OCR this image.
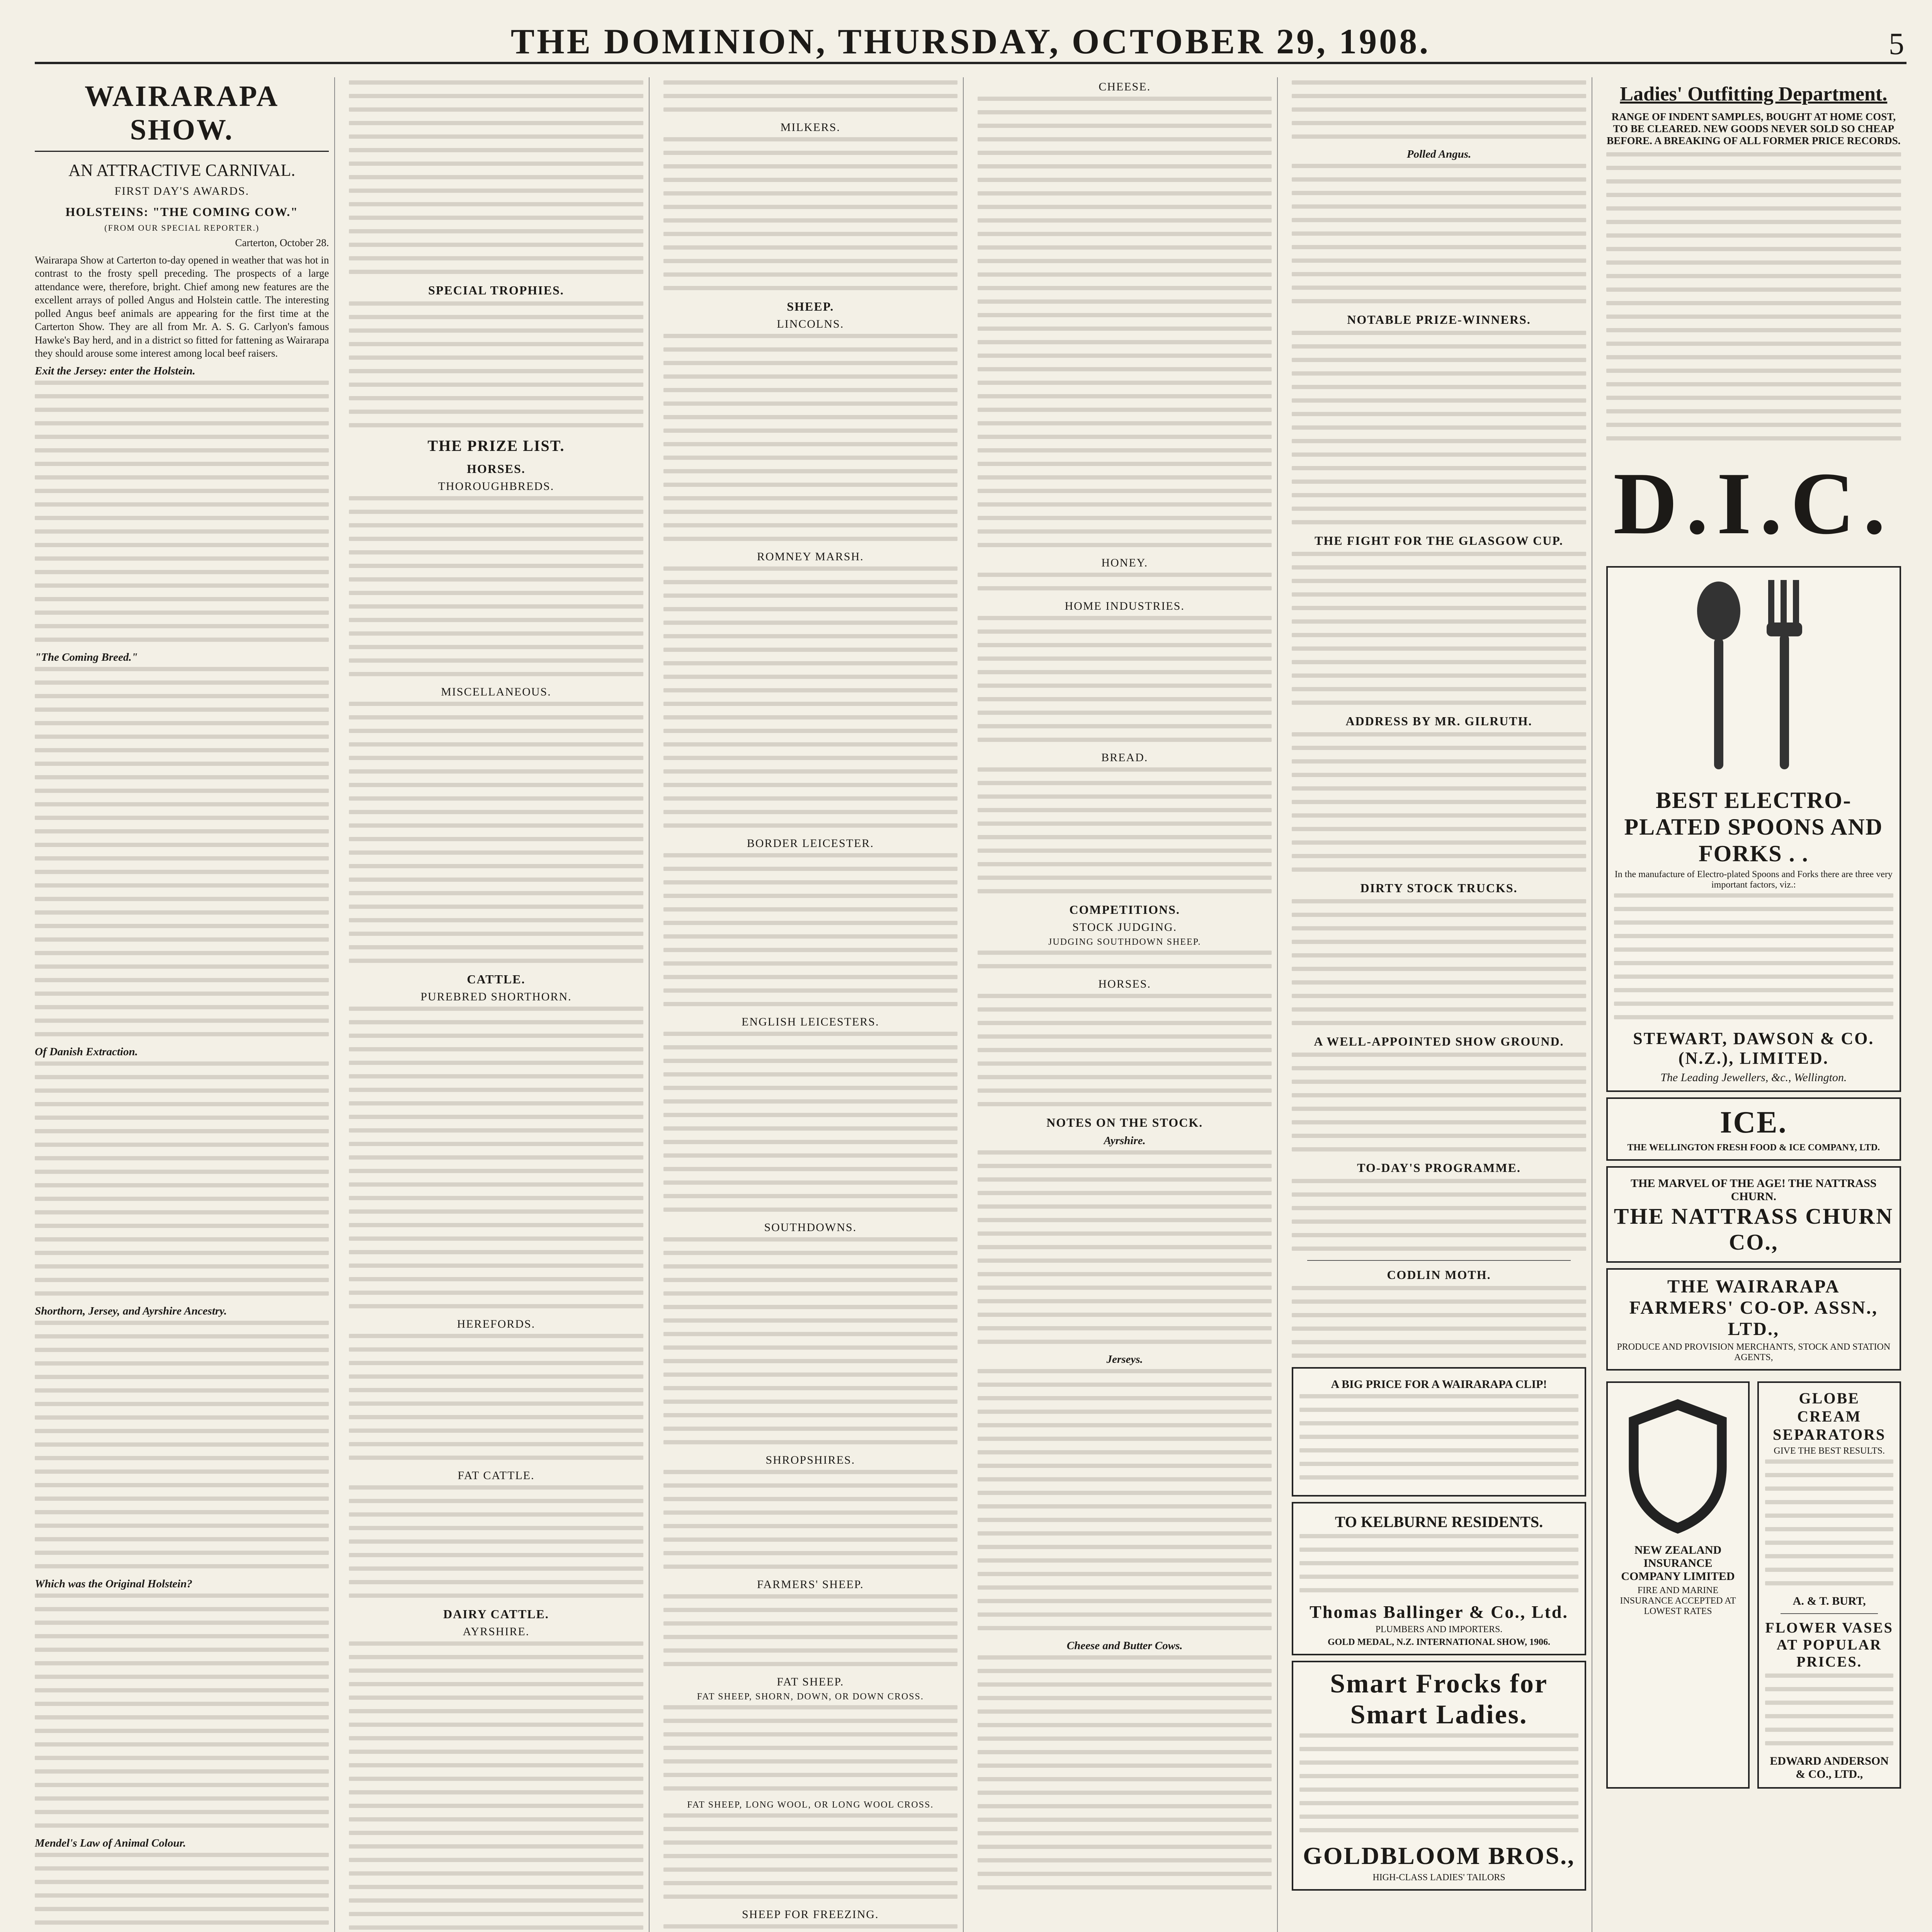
THE DOMINION, THURSDAY, OCTOBER 29, 1908.	5
WAIRARAPA SHOW.
AN ATTRACTIVE CARNIVAL.
FIRST DAY'S AWARDS.
HOLSTEINS: "THE COMING COW."
(FROM OUR SPECIAL REPORTER.)

Carterton, October 28.

Wairarapa Show at Carterton to-day opened in weather that was hot in contrast to the frosty spell preceding. The prospects of a large attendance were, therefore, bright. Chief among new features are the excellent arrays of polled Angus and Holstein cattle. The interesting polled Angus beef animals are appearing for the first time at the Carterton Show. They are all from Mr. A. S. G. Carlyon's famous Hawke's Bay herd, and in a district so fitted for fattening as Wairarapa they should arouse some interest among local beef raisers.

Exit the Jersey: enter the Holstein.
"The Coming Breed."
Of Danish Extraction.
Shorthorn, Jersey, and Ayrshire Ancestry.
Which was the Original Holstein?
Mendel's Law of Animal Colour.
SPECIAL TROPHIES.
THE PRIZE LIST.
HORSES.
THOROUGHBREDS.
MISCELLANEOUS.
CATTLE.
PUREBRED SHORTHORN.
HEREFORDS.
FAT CATTLE.
DAIRY CATTLE.
AYRSHIRE.
MILKERS.
SHEEP.
LINCOLNS.
ROMNEY MARSH.
BORDER LEICESTER.
ENGLISH LEICESTERS.
SOUTHDOWNS.
SHROPSHIRES.
FARMERS' SHEEP.
FAT SHEEP.
FAT SHEEP, SHORN, DOWN, OR DOWN CROSS.
FAT SHEEP, LONG WOOL, OR LONG WOOL CROSS.
SHEEP FOR FREEZING.
CHEESE.
HONEY.
HOME INDUSTRIES.
BREAD.
COMPETITIONS.
STOCK JUDGING.
JUDGING SOUTHDOWN SHEEP.
HORSES.
NOTES ON THE STOCK.
Ayrshire.
Jerseys.
Cheese and Butter Cows.
Polled Angus.
NOTABLE PRIZE-WINNERS.
THE FIGHT FOR THE GLASGOW CUP.
ADDRESS BY MR. GILRUTH.
DIRTY STOCK TRUCKS.
A WELL-APPOINTED SHOW GROUND.
TO-DAY'S PROGRAMME.
CODLIN MOTH.
A BIG PRICE FOR A WAIRARAPA CLIP!
TO KELBURNE RESIDENTS.
Thomas Ballinger & Co., Ltd.
PLUMBERS AND IMPORTERS.
GOLD MEDAL, N.Z. INTERNATIONAL SHOW, 1906.
Smart Frocks for Smart Ladies.
GOLDBLOOM BROS.,
HIGH-CLASS LADIES' TAILORS
Ladies' Outfitting Department.
RANGE OF INDENT SAMPLES, BOUGHT AT HOME COST, TO BE CLEARED. NEW GOODS NEVER SOLD SO CHEAP BEFORE. A BREAKING OF ALL FORMER PRICE RECORDS.
D.I.C.
BEST ELECTRO-PLATED SPOONS AND FORKS . .
In the manufacture of Electro-plated Spoons and Forks there are three very important factors, viz.:
STEWART, DAWSON & CO. (N.Z.), LIMITED.
The Leading Jewellers, &c., Wellington.
ICE.
THE WELLINGTON FRESH FOOD & ICE COMPANY, LTD.
THE MARVEL OF THE AGE! THE NATTRASS CHURN.
THE NATTRASS CHURN CO.,
THE WAIRARAPA FARMERS' CO-OP. ASSN., LTD.,
PRODUCE AND PROVISION MERCHANTS, STOCK AND STATION AGENTS,
NEW ZEALAND INSURANCE COMPANY LIMITED
FIRE AND MARINE INSURANCE ACCEPTED AT LOWEST RATES
GLOBE CREAM SEPARATORS
GIVE THE BEST RESULTS.
A. & T. BURT,
FLOWER VASES AT POPULAR PRICES.
EDWARD ANDERSON & CO., LTD.,
